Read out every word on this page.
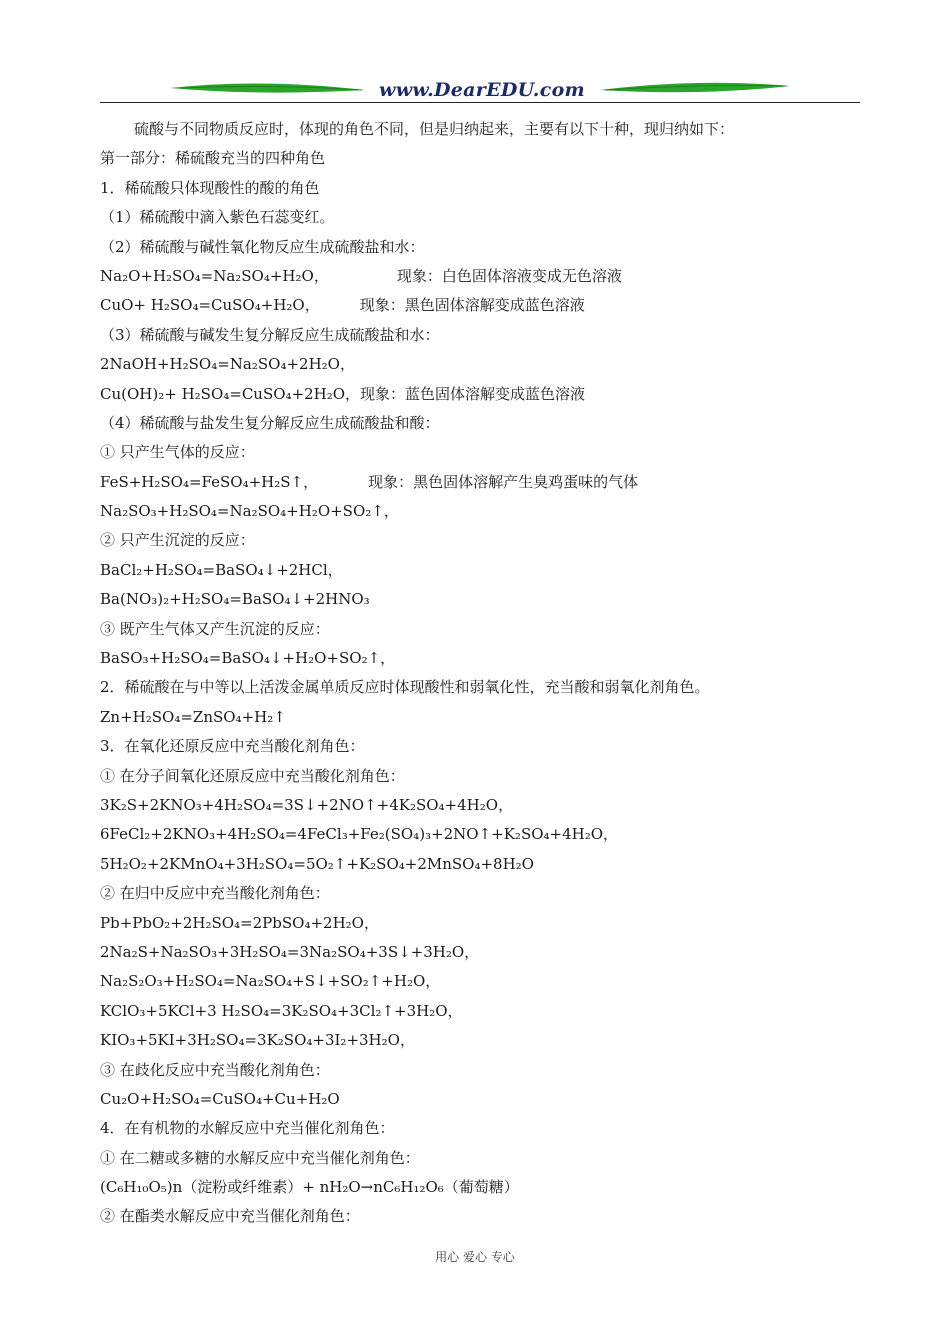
www.DearEDU.com
硫酸与不同物质反应时，体现的角色不同，但是归纳起来，主要有以下十种，现归纳如下：
第一部分：稀硫酸充当的四种角色
1．稀硫酸只体现酸性的酸的角色
（1）稀硫酸中滴入紫色石蕊变红。
（2）稀硫酸与碱性氧化物反应生成硫酸盐和水：
Na₂O+H₂SO₄=Na₂SO₄+H₂O，	现象：白色固体溶液变成无色溶液
CuO+ H₂SO₄=CuSO₄+H₂O，	现象：黑色固体溶解变成蓝色溶液
（3）稀硫酸与碱发生复分解反应生成硫酸盐和水：
2NaOH+H₂SO₄=Na₂SO₄+2H₂O，
Cu(OH)₂+ H₂SO₄=CuSO₄+2H₂O，现象：蓝色固体溶解变成蓝色溶液
（4）稀硫酸与盐发生复分解反应生成硫酸盐和酸：
① 只产生气体的反应：
FeS+H₂SO₄=FeSO₄+H₂S↑，	现象：黑色固体溶解产生臭鸡蛋味的气体
Na₂SO₃+H₂SO₄=Na₂SO₄+H₂O+SO₂↑，
② 只产生沉淀的反应：
BaCl₂+H₂SO₄=BaSO₄↓+2HCl，
Ba(NO₃)₂+H₂SO₄=BaSO₄↓+2HNO₃
③ 既产生气体又产生沉淀的反应：
BaSO₃+H₂SO₄=BaSO₄↓+H₂O+SO₂↑，
2．稀硫酸在与中等以上活泼金属单质反应时体现酸性和弱氧化性，充当酸和弱氧化剂角色。
Zn+H₂SO₄=ZnSO₄+H₂↑
3．在氧化还原反应中充当酸化剂角色：
① 在分子间氧化还原反应中充当酸化剂角色：
3K₂S+2KNO₃+4H₂SO₄=3S↓+2NO↑+4K₂SO₄+4H₂O，
6FeCl₂+2KNO₃+4H₂SO₄=4FeCl₃+Fe₂(SO₄)₃+2NO↑+K₂SO₄+4H₂O，
5H₂O₂+2KMnO₄+3H₂SO₄=5O₂↑+K₂SO₄+2MnSO₄+8H₂O
② 在归中反应中充当酸化剂角色：
Pb+PbO₂+2H₂SO₄=2PbSO₄+2H₂O，
2Na₂S+Na₂SO₃+3H₂SO₄=3Na₂SO₄+3S↓+3H₂O，
Na₂S₂O₃+H₂SO₄=Na₂SO₄+S↓+SO₂↑+H₂O，
KClO₃+5KCl+3 H₂SO₄=3K₂SO₄+3Cl₂↑+3H₂O，
KIO₃+5KI+3H₂SO₄=3K₂SO₄+3I₂+3H₂O，
③ 在歧化反应中充当酸化剂角色：
Cu₂O+H₂SO₄=CuSO₄+Cu+H₂O
4．在有机物的水解反应中充当催化剂角色：
① 在二糖或多糖的水解反应中充当催化剂角色：
(C₆H₁₀O₅)n（淀粉或纤维素）+ nH₂O→nC₆H₁₂O₆（葡萄糖）
② 在酯类水解反应中充当催化剂角色：
用心 爱心 专心
